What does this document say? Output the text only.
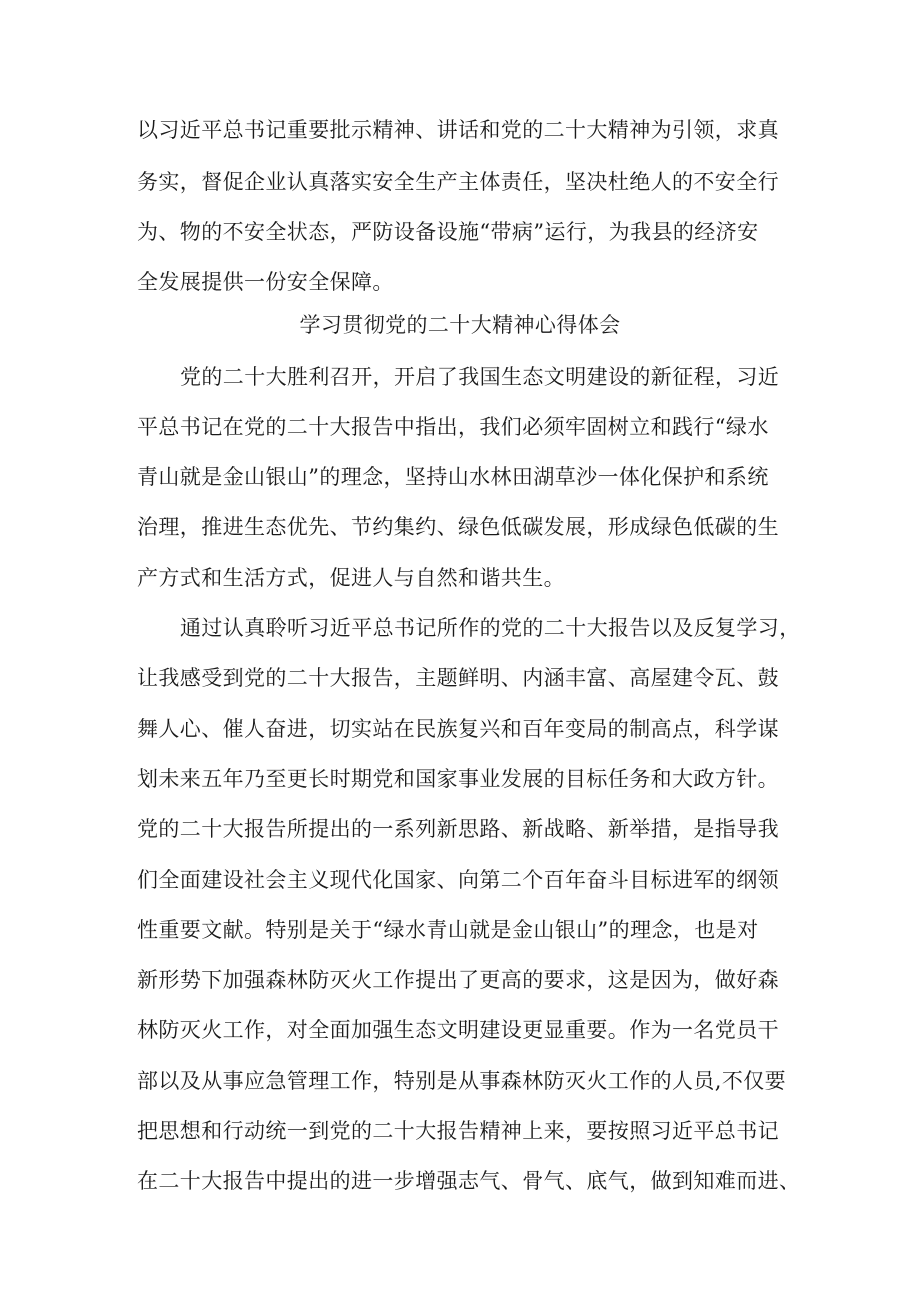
以习近平总书记重要批示精神、讲话和党的二十大精神为引领，求真
务实，督促企业认真落实安全生产主体责任，坚决杜绝人的不安全行
为、物的不安全状态，严防设备设施“带病”运行，为我县的经济安
全发展提供一份安全保障。
学习贯彻党的二十大精神心得体会
党的二十大胜利召开，开启了我国生态文明建设的新征程，习近
平总书记在党的二十大报告中指出，我们必须牢固树立和践行“绿水
青山就是金山银山”的理念，坚持山水林田湖草沙一体化保护和系统
治理，推进生态优先、节约集约、绿色低碳发展，形成绿色低碳的生
产方式和生活方式，促进人与自然和谐共生。
通过认真聆听习近平总书记所作的党的二十大报告以及反复学习，
让我感受到党的二十大报告，主题鲜明、内涵丰富、高屋建令瓦、鼓
舞人心、催人奋进，切实站在民族复兴和百年变局的制高点，科学谋
划未来五年乃至更长时期党和国家事业发展的目标任务和大政方针。
党的二十大报告所提出的一系列新思路、新战略、新举措，是指导我
们全面建设社会主义现代化国家、向第二个百年奋斗目标进军的纲领
性重要文献。特别是关于“绿水青山就是金山银山”的理念，也是对
新形势下加强森林防灭火工作提出了更高的要求，这是因为，做好森
林防灭火工作，对全面加强生态文明建设更显重要。作为一名党员干
部以及从事应急管理工作，特别是从事森林防灭火工作的人员,不仅要
把思想和行动统一到党的二十大报告精神上来，要按照习近平总书记
在二十大报告中提出的进一步增强志气、骨气、底气，做到知难而进、
